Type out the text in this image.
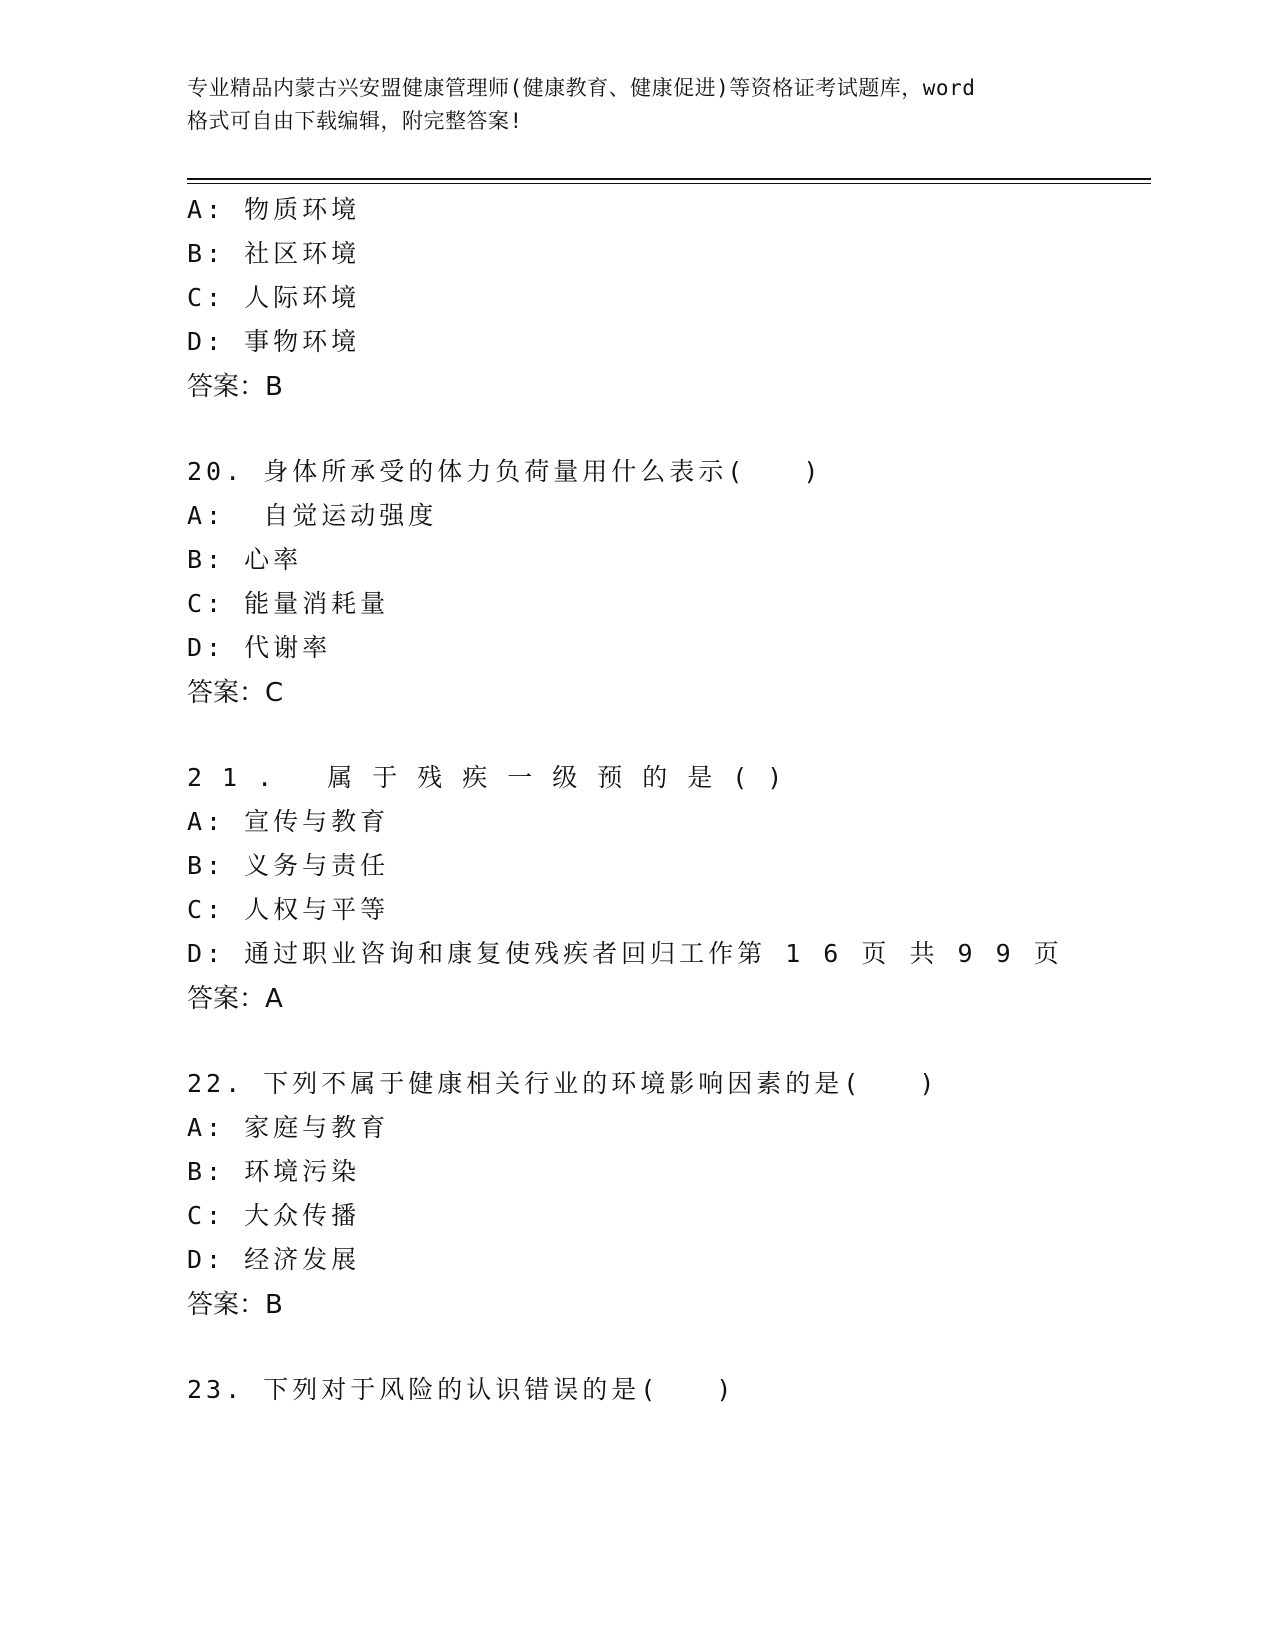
专业精品内蒙古兴安盟健康管理师(健康教育、健康促进)等资格证考试题库，word
格式可自由下载编辑，附完整答案!
A: 物质环境
B: 社区环境
C: 人际环境
D: 事物环境
答案：B
20. 身体所承受的体力负荷量用什么表示(   )
A:  自觉运动强度
B: 心率
C: 能量消耗量
D: 代谢率
答案：C
21. 属于残疾一级预的是()
A: 宣传与教育
B: 义务与责任
C: 人权与平等
D: 通过职业咨询和康复使残疾者回归工作第 1 6 页 共 9 9 页
答案：A
22. 下列不属于健康相关行业的环境影响因素的是(   )
A: 家庭与教育
B: 环境污染
C: 大众传播
D: 经济发展
答案：B
23. 下列对于风险的认识错误的是(   )
